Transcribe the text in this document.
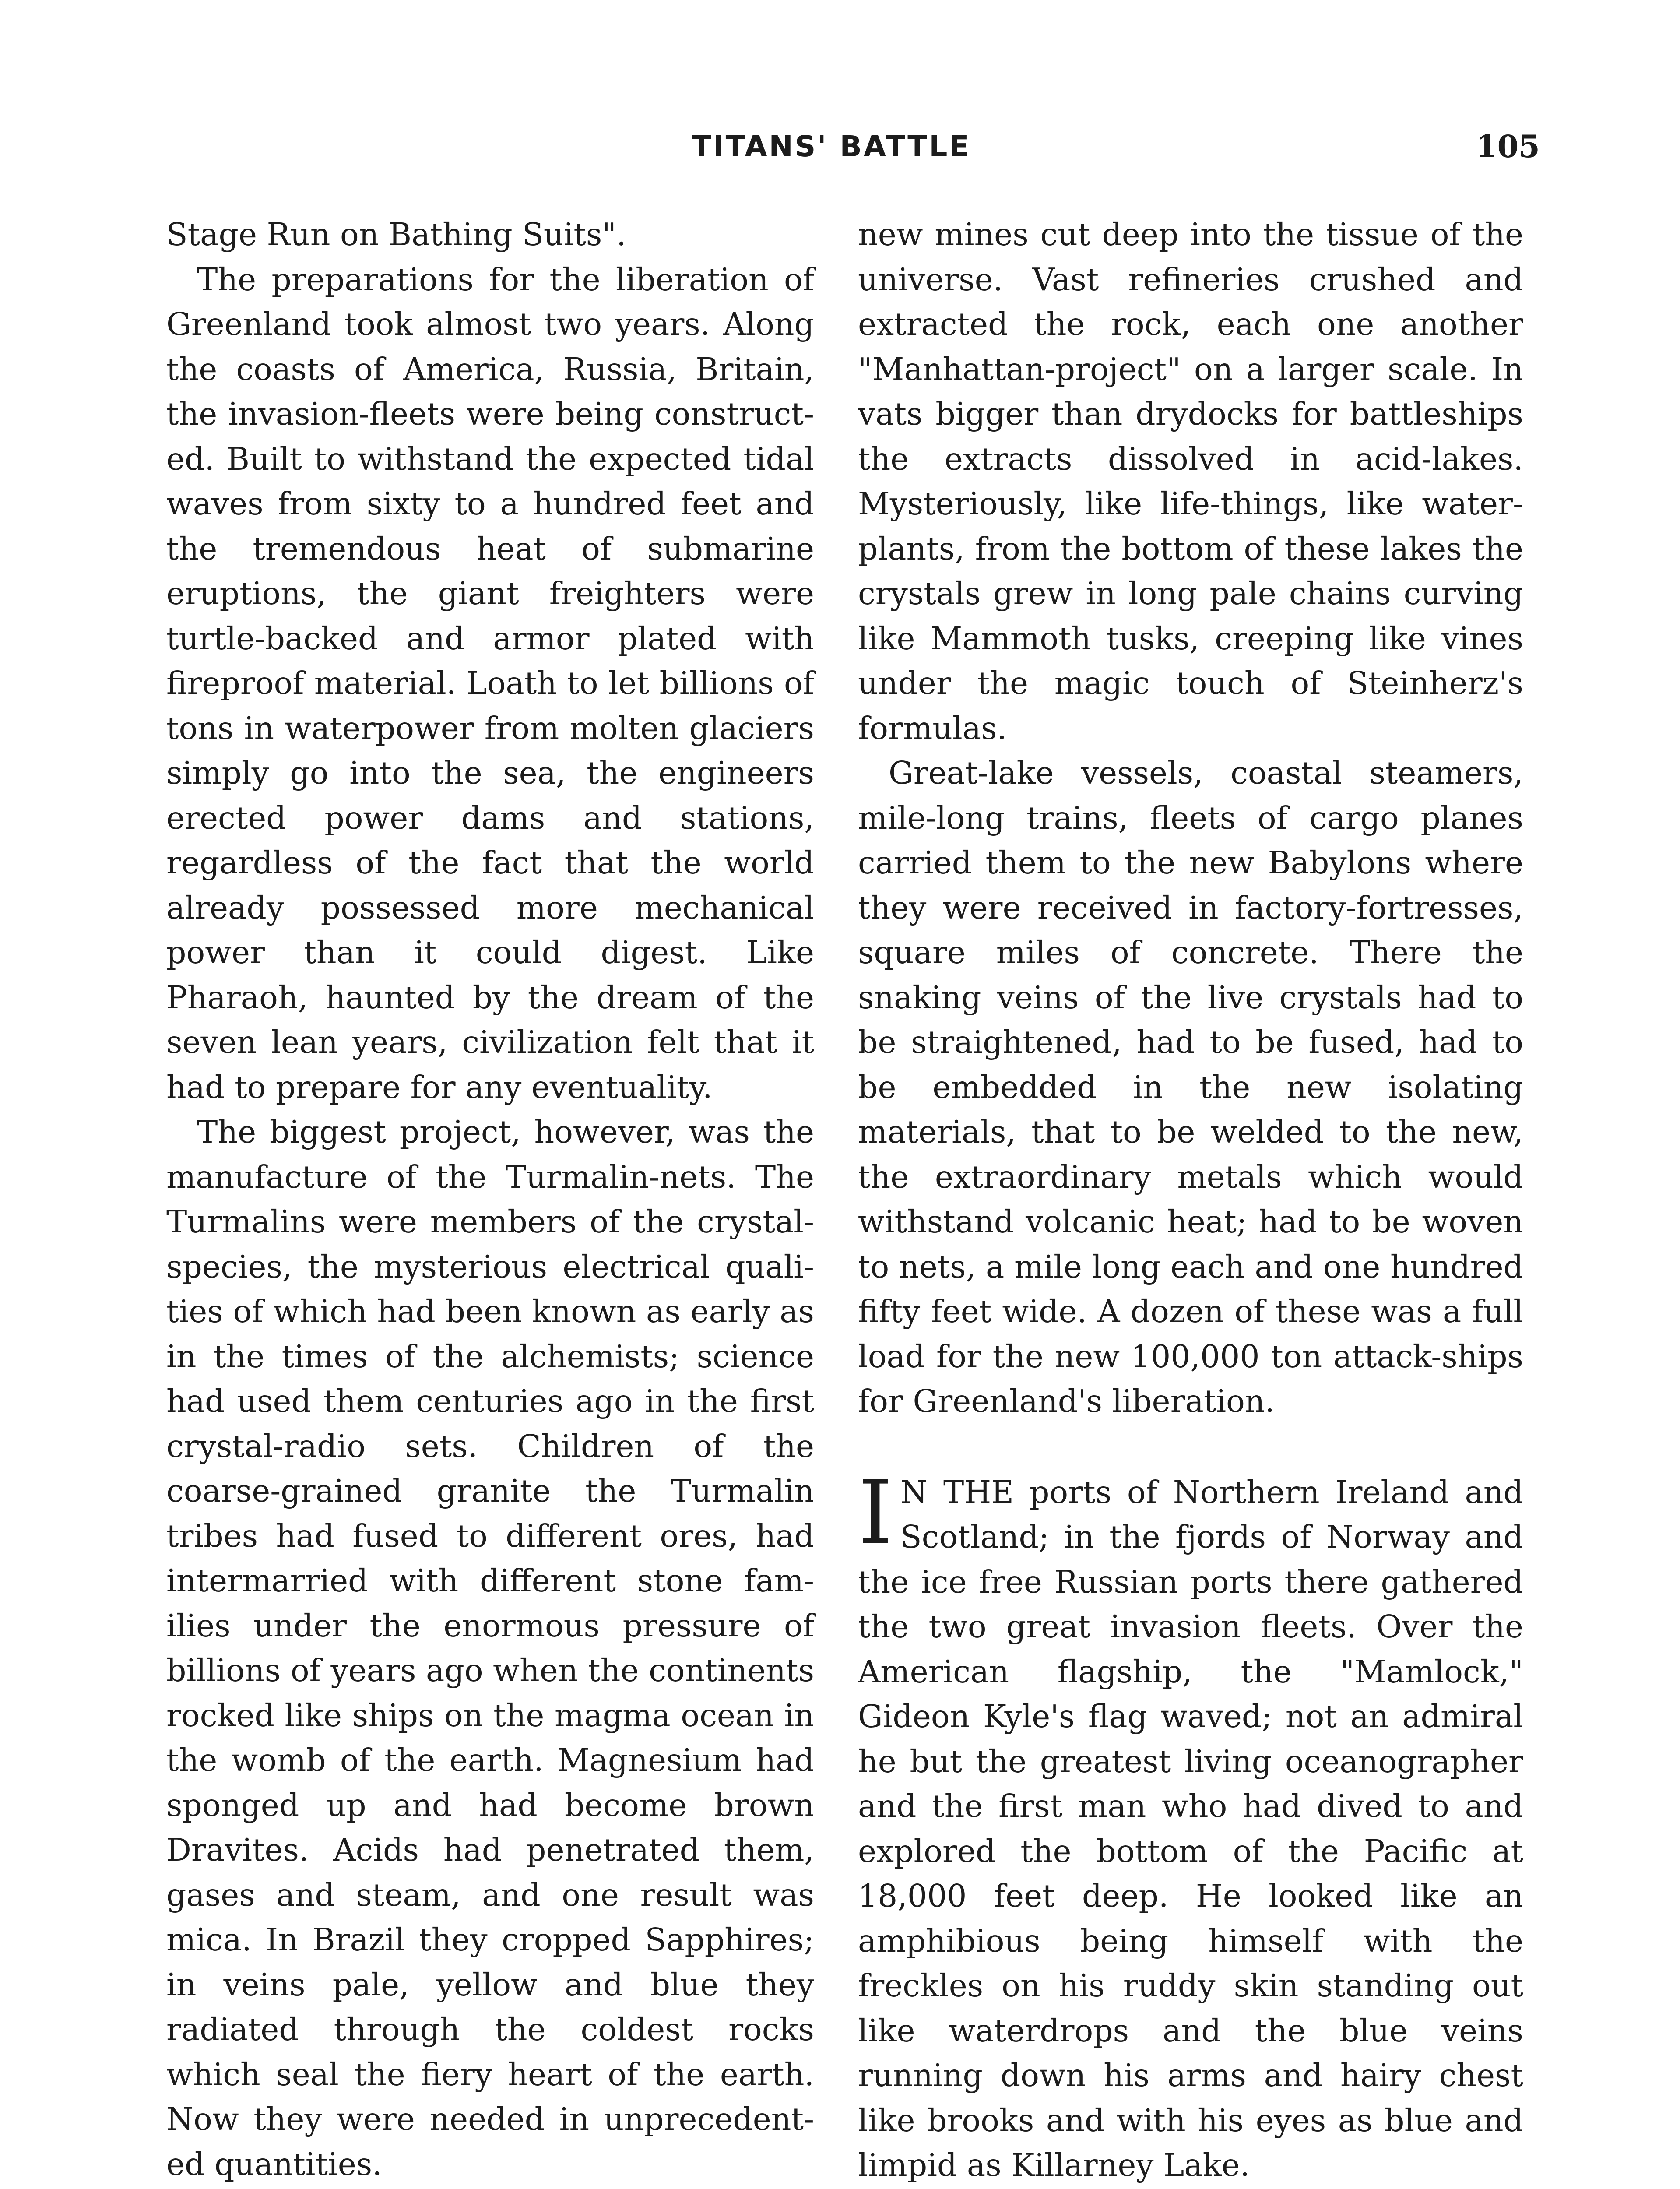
TITANS' BATTLE	105

Stage Run on Bathing Suits".

The preparations for the liberation of Greenland took almost two years. Along the coasts of America, Russia, Britain, the invasion-fleets were being constructed. Built to withstand the expected tidal waves from sixty to a hundred feet and the tremendous heat of submarine eruptions, the giant freighters were turtle-backed and armor plated with fireproof material. Loath to let billions of tons in waterpower from molten glaciers simply go into the sea, the engineers erected power dams and stations, regardless of the fact that the world already possessed more mechanical power than it could digest. Like Pharaoh, haunted by the dream of the seven lean years, civilization felt that it had to prepare for any eventuality.

The biggest project, however, was the manufacture of the Turmalin-nets. The Turmalins were members of the crystal-species, the mysterious electrical qualities of which had been known as early as in the times of the alchemists; science had used them centuries ago in the first crystal-radio sets. Children of the coarse-grained granite the Turmalin tribes had fused to different ores, had intermarried with different stone families under the enormous pressure of billions of years ago when the continents rocked like ships on the magma ocean in the womb of the earth. Magnesium had sponged up and had become brown Dravites. Acids had penetrated them, gases and steam, and one result was mica. In Brazil they cropped Sapphires; in veins pale, yellow and blue they radiated through the coldest rocks which seal the fiery heart of the earth. Now they were needed in unprecedented quantities.

new mines cut deep into the tissue of the universe. Vast refineries crushed and extracted the rock, each one another "Manhattan-project" on a larger scale. In vats bigger than drydocks for battleships the extracts dissolved in acid-lakes. Mysteriously, like life-things, like water-plants, from the bottom of these lakes the crystals grew in long pale chains curving like Mammoth tusks, creeping like vines under the magic touch of Steinherz's formulas.

Great-lake vessels, coastal steamers, mile-long trains, fleets of cargo planes carried them to the new Babylons where they were received in factory-fortresses, square miles of concrete. There the snaking veins of the live crystals had to be straightened, had to be fused, had to be embedded in the new isolating materials, that to be welded to the new, the extraordinary metals which would withstand volcanic heat; had to be woven to nets, a mile long each and one hundred fifty feet wide. A dozen of these was a full load for the new 100,000 ton attack-ships for Greenland's liberation.

I N THE ports of Northern Ireland and Scotland; in the fjords of Norway and the ice free Russian ports there gathered the two great invasion fleets. Over the American flagship, the "Mamlock," Gideon Kyle's flag waved; not an admiral he but the greatest living oceanographer and the first man who had dived to and explored the bottom of the Pacific at 18,000 feet deep. He looked like an amphibious being himself with the freckles on his ruddy skin standing out like waterdrops and the blue veins running down his arms and hairy chest like brooks and with his eyes as blue and limpid as Killarney Lake.
